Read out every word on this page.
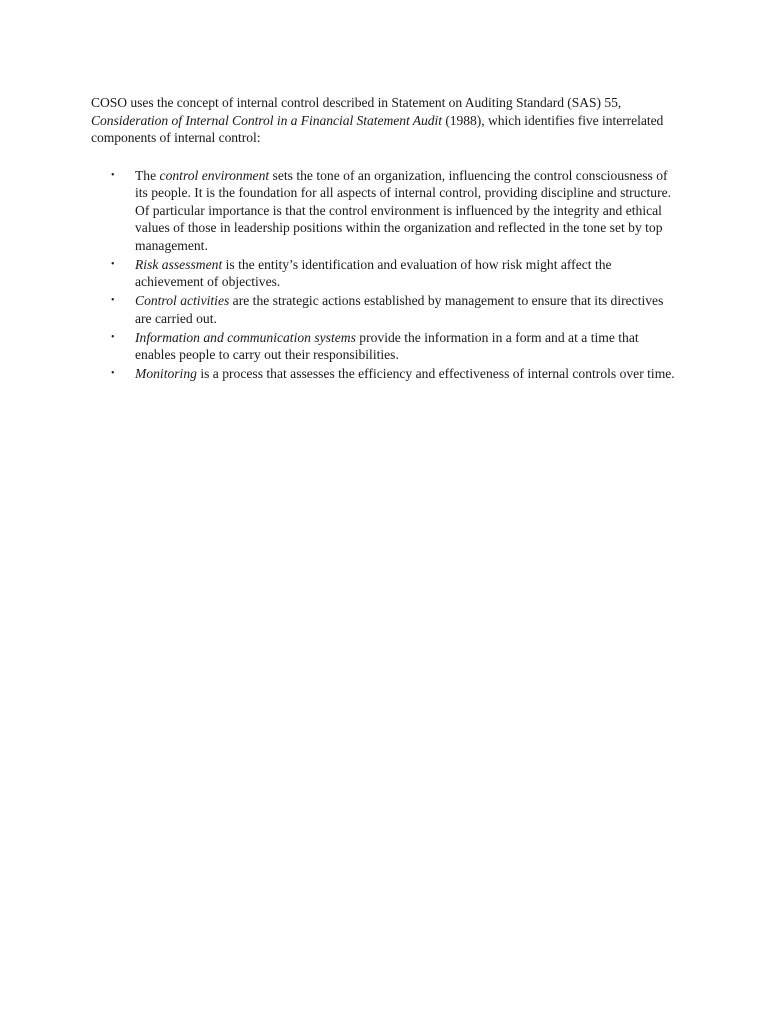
COSO uses the concept of internal control described in Statement on Auditing Standard (SAS) 55, Consideration of Internal Control in a Financial Statement Audit (1988), which identifies five interrelated components of internal control:

• The control environment sets the tone of an organization, influencing the control consciousness of its people. It is the foundation for all aspects of internal control, providing discipline and structure. Of particular importance is that the control environment is influenced by the integrity and ethical values of those in leadership positions within the organization and reflected in the tone set by top management.
• Risk assessment is the entity’s identification and evaluation of how risk might affect the achievement of objectives.
• Control activities are the strategic actions established by management to ensure that its directives are carried out.
• Information and communication systems provide the information in a form and at a time that enables people to carry out their responsibilities.
• Monitoring is a process that assesses the efficiency and effectiveness of internal controls over time.
